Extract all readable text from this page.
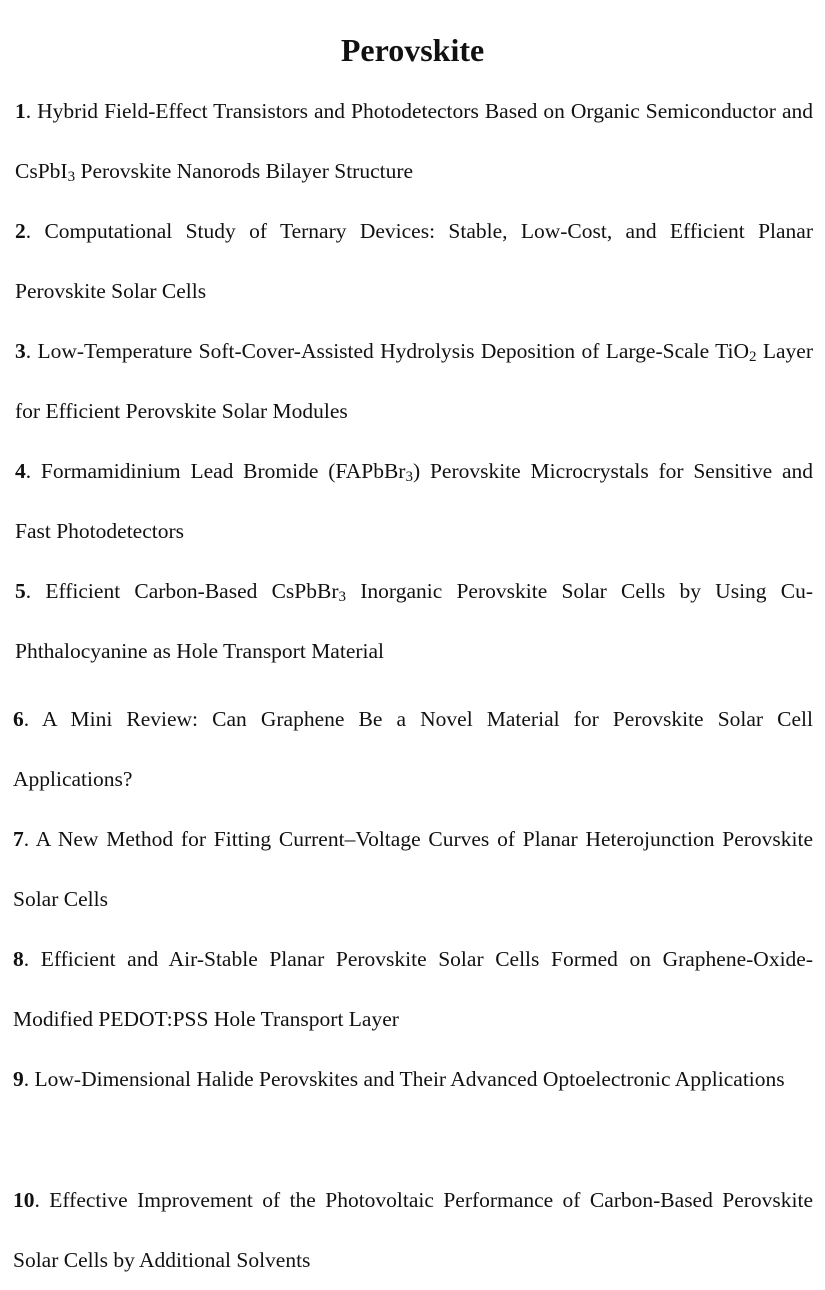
Perovskite

1. Hybrid Field-Effect Transistors and Photodetectors Based on Organic Semiconductor and CsPbI$_3$ Perovskite Nanorods Bilayer Structure

2. Computational Study of Ternary Devices: Stable, Low-Cost, and Efficient Planar Perovskite Solar Cells

3. Low-Temperature Soft-Cover-Assisted Hydrolysis Deposition of Large-Scale TiO$_2$ Layer for Efficient Perovskite Solar Modules

4. Formamidinium Lead Bromide (FAPbBr$_3$) Perovskite Microcrystals for Sensitive and Fast Photodetectors

5. Efficient Carbon-Based CsPbBr$_3$ Inorganic Perovskite Solar Cells by Using Cu-Phthalocyanine as Hole Transport Material

6. A Mini Review: Can Graphene Be a Novel Material for Perovskite Solar Cell Applications?

7. A New Method for Fitting Current–Voltage Curves of Planar Heterojunction Perovskite Solar Cells

8. Efficient and Air-Stable Planar Perovskite Solar Cells Formed on Graphene-Oxide-Modified PEDOT:PSS Hole Transport Layer

9. Low-Dimensional Halide Perovskites and Their Advanced Optoelectronic Applications

10. Effective Improvement of the Photovoltaic Performance of Carbon-Based Perovskite Solar Cells by Additional Solvents
